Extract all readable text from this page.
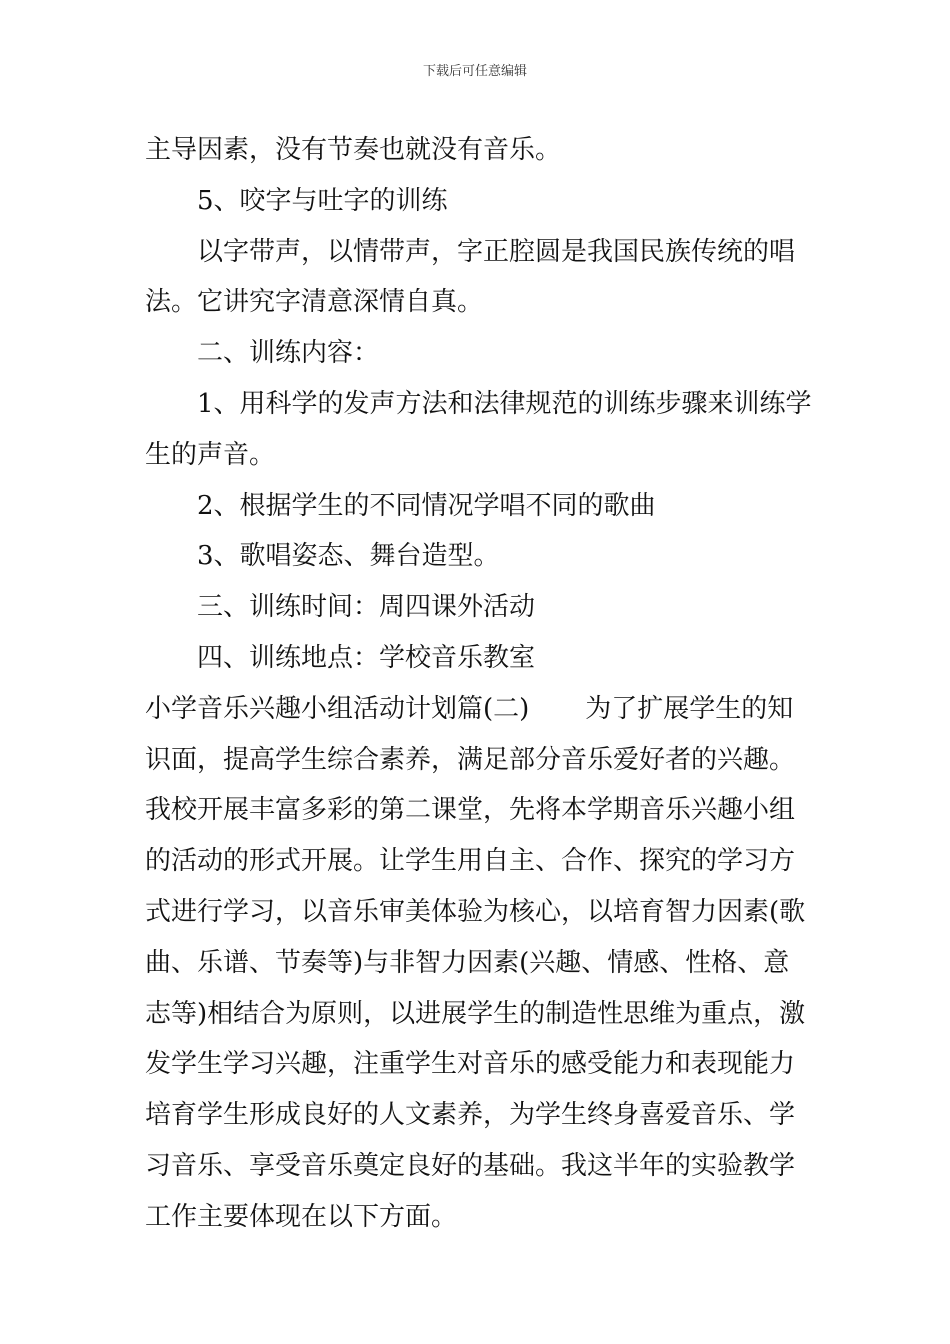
下载后可任意编辑
主导因素，没有节奏也就没有音乐。
5、咬字与吐字的训练
以字带声，以情带声，字正腔圆是我国民族传统的唱
法。它讲究字清意深情自真。
二、训练内容：
1、用科学的发声方法和法律规范的训练步骤来训练学
生的声音。
2、根据学生的不同情况学唱不同的歌曲
3、歌唱姿态、舞台造型。
三、训练时间：周四课外活动
四、训练地点：学校音乐教室
小学音乐兴趣小组活动计划篇(二) 为了扩展学生的知
识面，提高学生综合素养，满足部分音乐爱好者的兴趣。
我校开展丰富多彩的第二课堂，先将本学期音乐兴趣小组
的活动的形式开展。让学生用自主、合作、探究的学习方
式进行学习，以音乐审美体验为核心，以培育智力因素(歌
曲、乐谱、节奏等)与非智力因素(兴趣、情感、性格、意
志等)相结合为原则，以进展学生的制造性思维为重点，激
发学生学习兴趣，注重学生对音乐的感受能力和表现能力
培育学生形成良好的人文素养，为学生终身喜爱音乐、学
习音乐、享受音乐奠定良好的基础。我这半年的实验教学
工作主要体现在以下方面。
